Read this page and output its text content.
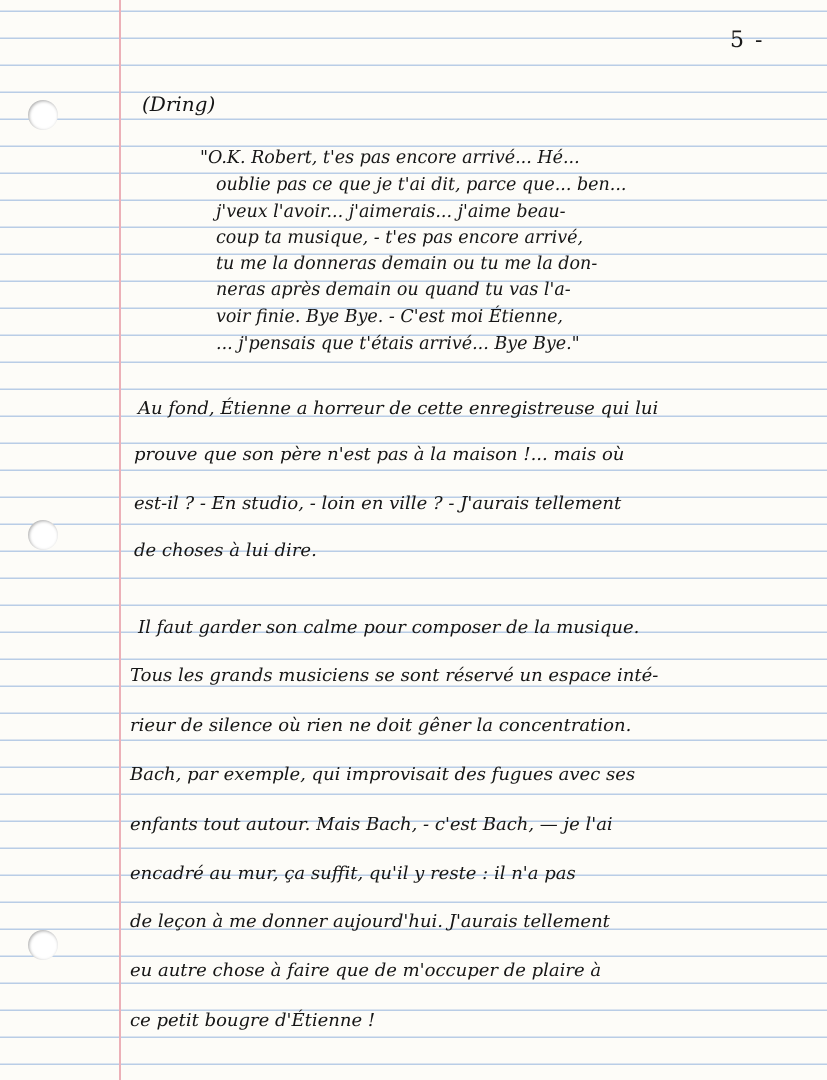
5 -

(Dring)

"O.K. Robert, t'es pas encore arrivé... Hé...

oublie pas ce que je t'ai dit, parce que... ben...

j'veux l'avoir... j'aimerais... j'aime beau-

coup ta musique, - t'es pas encore arrivé,

tu me la donneras demain ou tu me la don-

neras après demain ou quand tu vas l'a-

voir finie. Bye Bye. - C'est moi Étienne,

... j'pensais que t'étais arrivé... Bye Bye."

Au fond, Étienne a horreur de cette enregistreuse qui lui

prouve que son père n'est pas à la maison !... mais où

est-il ? - En studio, - loin en ville ? - J'aurais tellement

de choses à lui dire.

Il faut garder son calme pour composer de la musique.

Tous les grands musiciens se sont réservé un espace inté-

rieur de silence où rien ne doit gêner la concentration.

Bach, par exemple, qui improvisait des fugues avec ses

enfants tout autour. Mais Bach, - c'est Bach, — je l'ai

encadré au mur, ça suffit, qu'il y reste : il n'a pas

de leçon à me donner aujourd'hui. J'aurais tellement

eu autre chose à faire que de m'occuper de plaire à

ce petit bougre d'Étienne !
